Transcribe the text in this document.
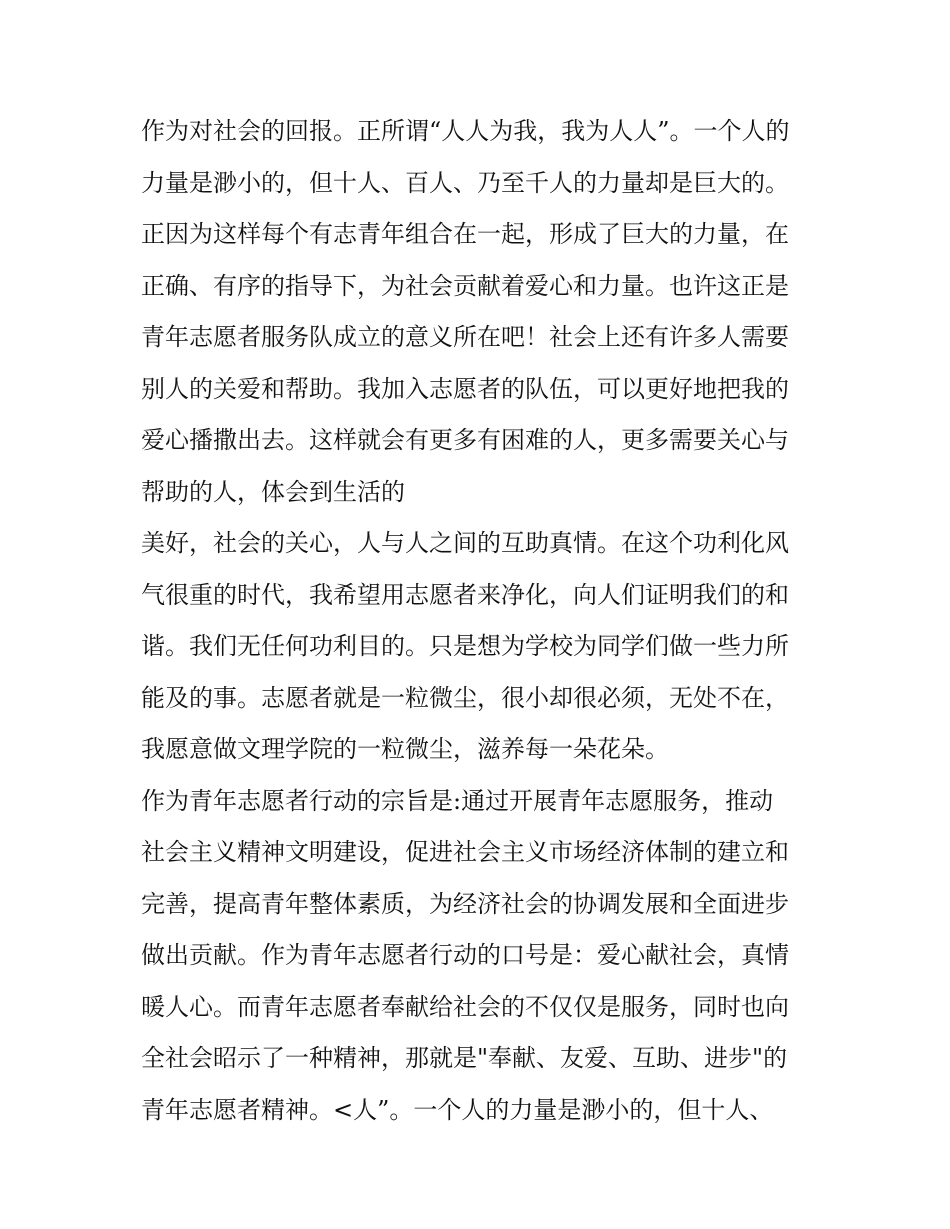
作为对社会的回报。正所谓“人人为我，我为人人”。一个人的
力量是渺小的，但十人、百人、乃至千人的力量却是巨大的。
正因为这样每个有志青年组合在一起，形成了巨大的力量，在
正确、有序的指导下，为社会贡献着爱心和力量。也许这正是
青年志愿者服务队成立的意义所在吧！社会上还有许多人需要
别人的关爱和帮助。我加入志愿者的队伍，可以更好地把我的
爱心播撒出去。这样就会有更多有困难的人，更多需要关心与
帮助的人，体会到生活的
美好，社会的关心，人与人之间的互助真情。在这个功利化风
气很重的时代，我希望用志愿者来净化，向人们证明我们的和
谐。我们无任何功利目的。只是想为学校为同学们做一些力所
能及的事。志愿者就是一粒微尘，很小却很必须，无处不在，
我愿意做文理学院的一粒微尘，滋养每一朵花朵。
作为青年志愿者行动的宗旨是:通过开展青年志愿服务，推动
社会主义精神文明建设，促进社会主义市场经济体制的建立和
完善，提高青年整体素质，为经济社会的协调发展和全面进步
做出贡献。作为青年志愿者行动的口号是：爱心献社会，真情
暖人心。而青年志愿者奉献给社会的不仅仅是服务，同时也向
全社会昭示了一种精神，那就是"奉献、友爱、互助、进步"的
青年志愿者精神。<人”。一个人的力量是渺小的，但十人、
